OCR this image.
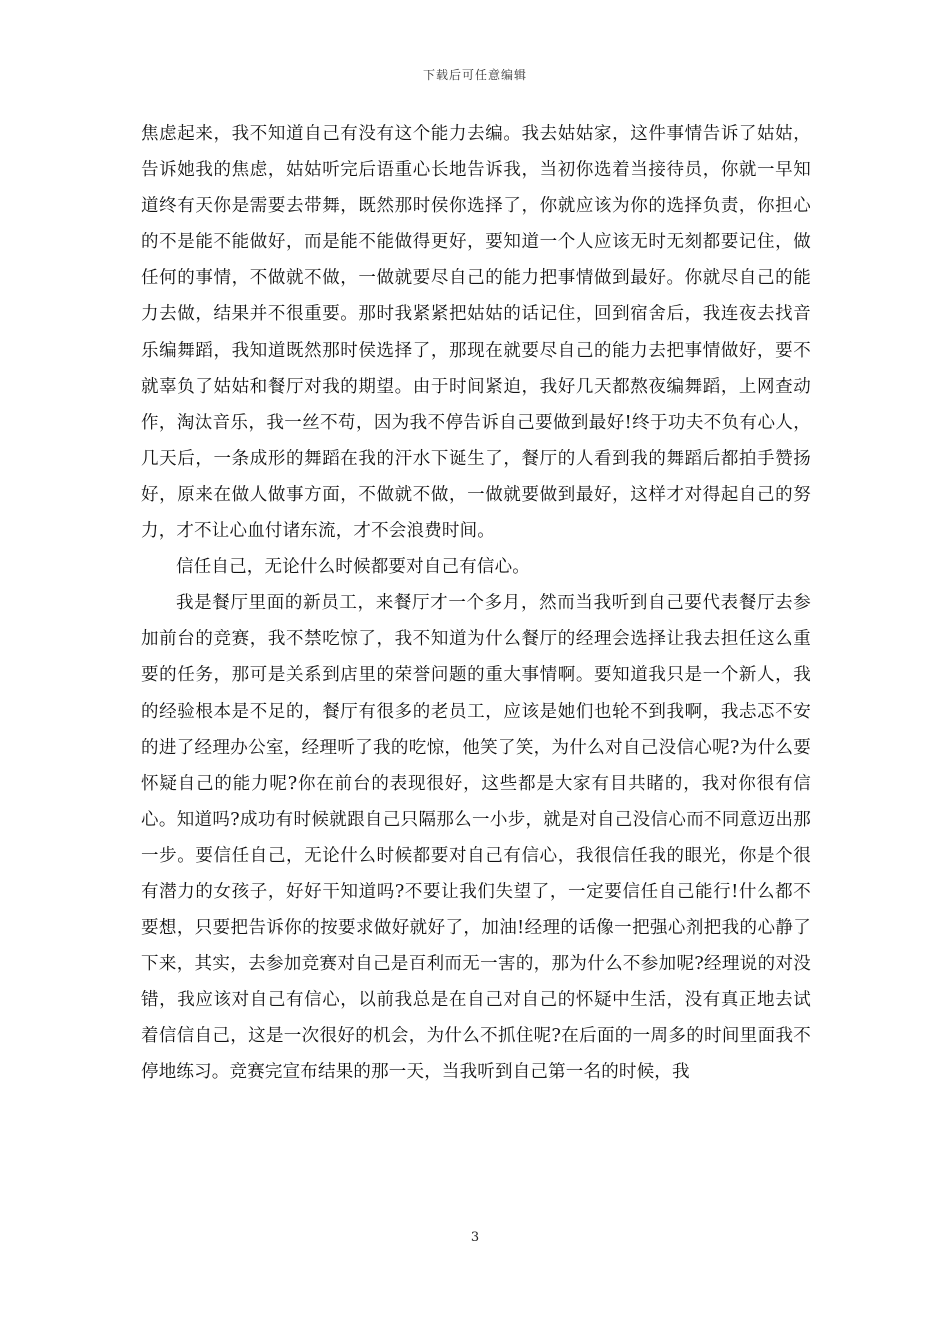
下载后可任意编辑

焦虑起来，我不知道自己有没有这个能力去编。我去姑姑家，这件事情告诉了姑姑，告诉她我的焦虑，姑姑听完后语重心长地告诉我，当初你选着当接待员，你就一早知道终有天你是需要去带舞，既然那时侯你选择了，你就应该为你的选择负责，你担心的不是能不能做好，而是能不能做得更好，要知道一个人应该无时无刻都要记住，做任何的事情，不做就不做，一做就要尽自己的能力把事情做到最好。你就尽自己的能力去做，结果并不很重要。那时我紧紧把姑姑的话记住，回到宿舍后，我连夜去找音乐编舞蹈，我知道既然那时侯选择了，那现在就要尽自己的能力去把事情做好，要不就辜负了姑姑和餐厅对我的期望。由于时间紧迫，我好几天都熬夜编舞蹈，上网查动作，淘汰音乐，我一丝不苟，因为我不停告诉自己要做到最好!终于功夫不负有心人，几天后，一条成形的舞蹈在我的汗水下诞生了，餐厅的人看到我的舞蹈后都拍手赞扬好，原来在做人做事方面，不做就不做，一做就要做到最好，这样才对得起自己的努力，才不让心血付诸东流，才不会浪费时间。

信任自己，无论什么时候都要对自己有信心。

我是餐厅里面的新员工，来餐厅才一个多月，然而当我听到自己要代表餐厅去参加前台的竞赛，我不禁吃惊了，我不知道为什么餐厅的经理会选择让我去担任这么重要的任务，那可是关系到店里的荣誉问题的重大事情啊。要知道我只是一个新人，我的经验根本是不足的，餐厅有很多的老员工，应该是她们也轮不到我啊，我忐忑不安的进了经理办公室，经理听了我的吃惊，他笑了笑，为什么对自己没信心呢?为什么要怀疑自己的能力呢?你在前台的表现很好，这些都是大家有目共睹的，我对你很有信心。知道吗?成功有时候就跟自己只隔那么一小步，就是对自己没信心而不同意迈出那一步。要信任自己，无论什么时候都要对自己有信心，我很信任我的眼光，你是个很有潜力的女孩子，好好干知道吗?不要让我们失望了，一定要信任自己能行!什么都不要想，只要把告诉你的按要求做好就好了，加油!经理的话像一把强心剂把我的心静了下来，其实，去参加竞赛对自己是百利而无一害的，那为什么不参加呢?经理说的对没错，我应该对自己有信心，以前我总是在自己对自己的怀疑中生活，没有真正地去试着信信自己，这是一次很好的机会，为什么不抓住呢?在后面的一周多的时间里面我不停地练习。竞赛完宣布结果的那一天，当我听到自己第一名的时候，我

3
